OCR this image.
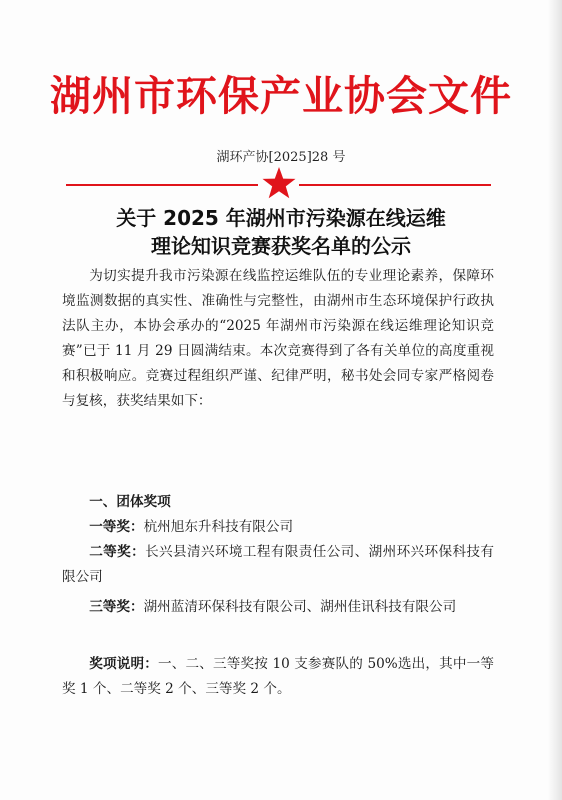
湖州市环保产业协会文件
湖环产协[2025]28 号
关于 2025 年湖州市污染源在线运维
理论知识竞赛获奖名单的公示
为切实提升我市污染源在线监控运维队伍的专业理论素养，保障环境监测数据的真实性、准确性与完整性，由湖州市生态环境保护行政执法队主办，本协会承办的“2025 年湖州市污染源在线运维理论知识竞赛”已于 11 月 29 日圆满结束。本次竞赛得到了各有关单位的高度重视和积极响应。竞赛过程组织严谨、纪律严明，秘书处会同专家严格阅卷与复核，获奖结果如下：
一、团体奖项
一等奖：杭州旭东升科技有限公司
二等奖：长兴县清兴环境工程有限责任公司、湖州环兴环保科技有限公司
三等奖：湖州蓝清环保科技有限公司、湖州佳讯科技有限公司
奖项说明：一、二、三等奖按 10 支参赛队的 50%选出，其中一等奖 1 个、二等奖 2 个、三等奖 2 个。
